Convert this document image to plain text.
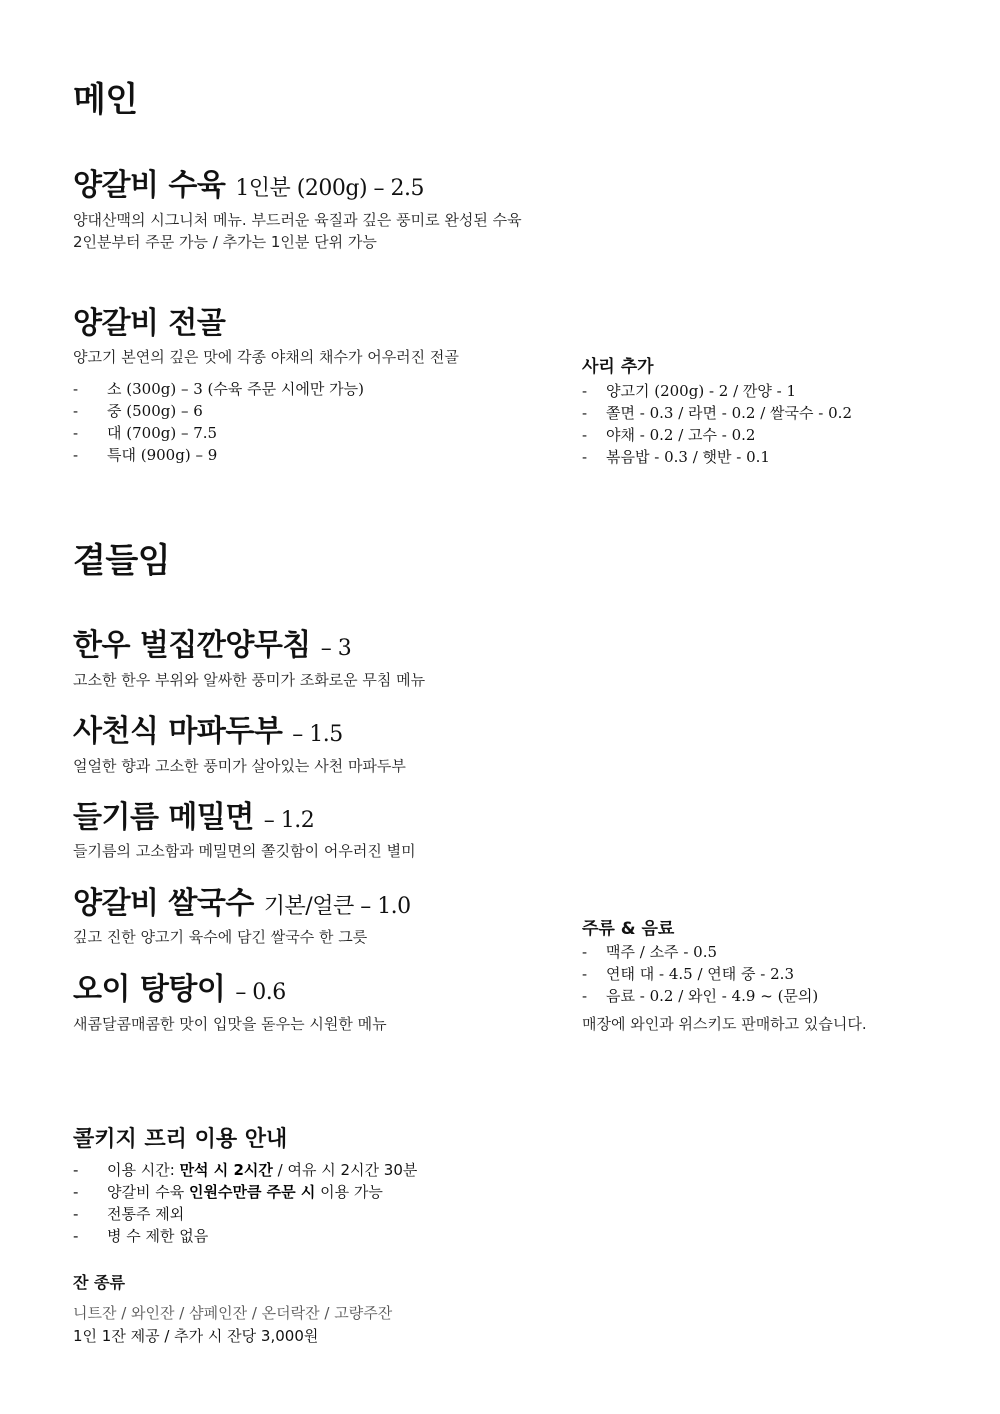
메인
양갈비 수육 1인분 (200g) – 2.5
양대산맥의 시그니처 메뉴. 부드러운 육질과 깊은 풍미로 완성된 수육
2인분부터 주문 가능 / 추가는 1인분 단위 가능
양갈비 전골
양고기 본연의 깊은 맛에 각종 야채의 채수가 어우러진 전골
- 소 (300g) – 3 (수육 주문 시에만 가능)
- 중 (500g) – 6
- 대 (700g) – 7.5
- 특대 (900g) – 9
사리 추가
- 양고기 (200g) - 2 / 깐양 - 1
- 쫄면 - 0.3 / 라면 - 0.2 / 쌀국수 - 0.2
- 야채 - 0.2 / 고수 - 0.2
- 볶음밥 - 0.3 / 햇반 - 0.1
곁들임
한우 벌집깐양무침 – 3
고소한 한우 부위와 알싸한 풍미가 조화로운 무침 메뉴
사천식 마파두부 – 1.5
얼얼한 향과 고소한 풍미가 살아있는 사천 마파두부
들기름 메밀면 – 1.2
들기름의 고소함과 메밀면의 쫄깃함이 어우러진 별미
양갈비 쌀국수 기본/얼큰 – 1.0
깊고 진한 양고기 육수에 담긴 쌀국수 한 그릇
오이 탕탕이 – 0.6
새콤달콤매콤한 맛이 입맛을 돋우는 시원한 메뉴
주류 & 음료
- 맥주 / 소주 - 0.5
- 연태 대 - 4.5 / 연태 중 - 2.3
- 음료 - 0.2 / 와인 - 4.9 ~ (문의)
매장에 와인과 위스키도 판매하고 있습니다.
콜키지 프리 이용 안내
- 이용 시간: 만석 시 2시간 / 여유 시 2시간 30분
- 양갈비 수육 인원수만큼 주문 시 이용 가능
- 전통주 제외
- 병 수 제한 없음
잔 종류
니트잔 / 와인잔 / 샴페인잔 / 온더락잔 / 고량주잔
1인 1잔 제공 / 추가 시 잔당 3,000원
